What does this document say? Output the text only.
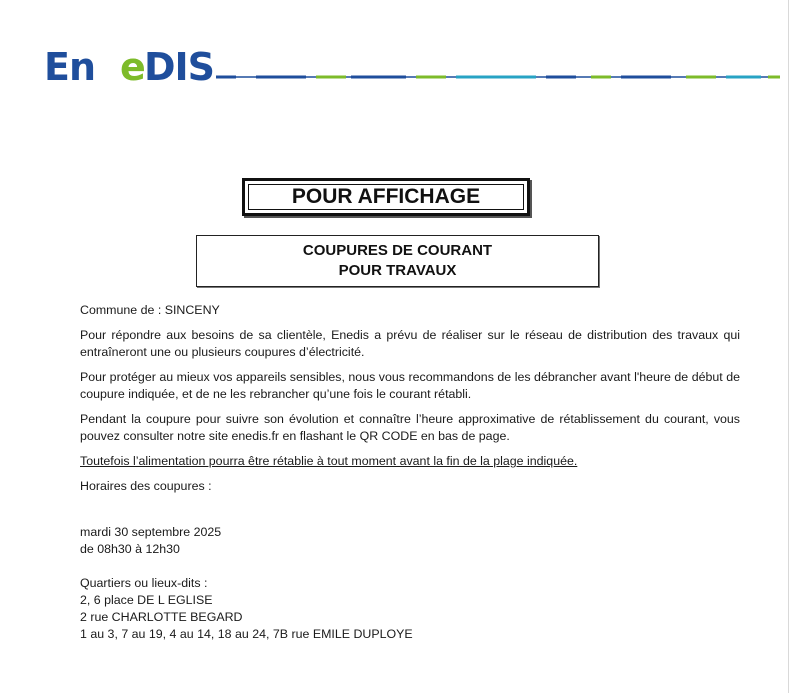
En e DIS
POUR AFFICHAGE
COUPURES DE COURANT
POUR TRAVAUX

Commune de : SINCENY

Pour répondre aux besoins de sa clientèle, Enedis a prévu de réaliser sur le réseau de distribution des travaux qui entraîneront une ou plusieurs coupures d’électricité.

Pour protéger au mieux vos appareils sensibles, nous vous recommandons de les débrancher avant l'heure de début de coupure indiquée, et de ne les rebrancher qu’une fois le courant rétabli.

Pendant la coupure pour suivre son évolution et connaître l’heure approximative de rétablissement du courant, vous pouvez consulter notre site enedis.fr en flashant le QR CODE en bas de page.

Toutefois l’alimentation pourra être rétablie à tout moment avant la fin de la plage indiquée.

Horaires des coupures :

mardi 30 septembre 2025
de 08h30 à 12h30
Quartiers ou lieux-dits :
2, 6 place DE L EGLISE
2 rue CHARLOTTE BEGARD
1 au 3, 7 au 19, 4 au 14, 18 au 24, 7B rue EMILE DUPLOYE
